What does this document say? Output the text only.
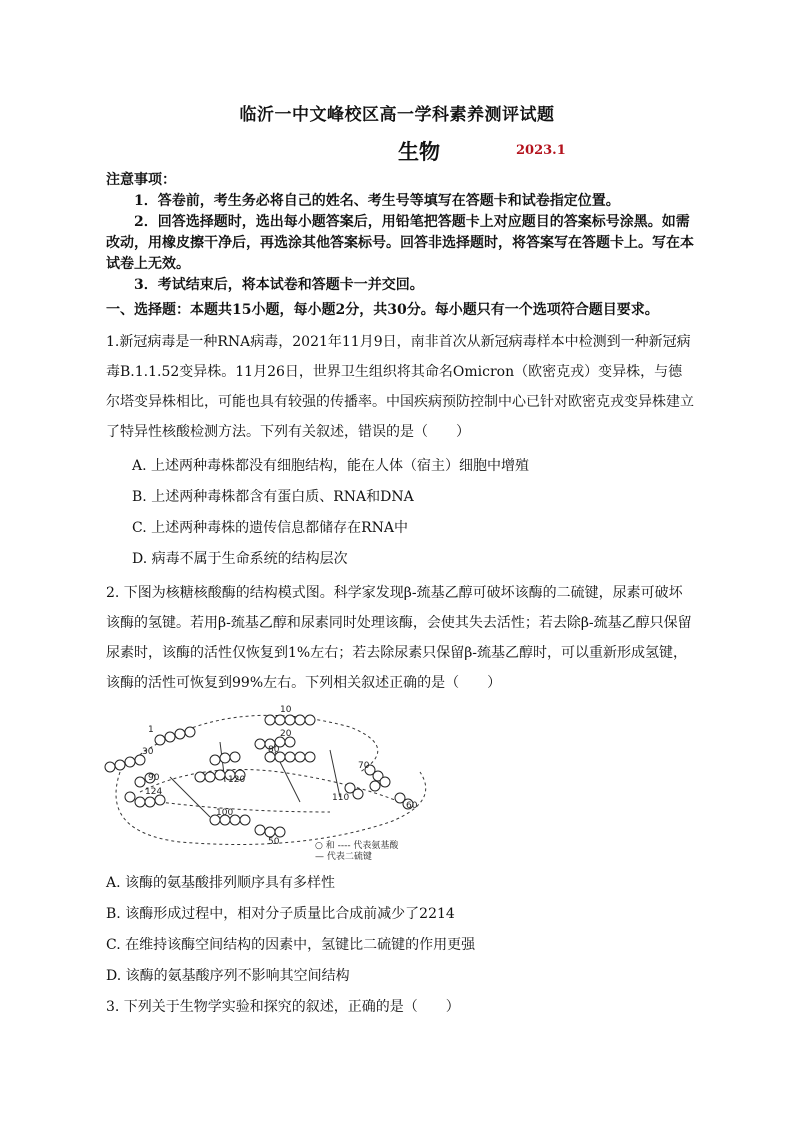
临沂一中文峰校区高一学科素养测评试题
生物	2023.1
注意事项：
1．答卷前，考生务必将自己的姓名、考生号等填写在答题卡和试卷指定位置。
2．回答选择题时，选出每小题答案后，用铅笔把答题卡上对应题目的答案标号涂黑。如需改动，用橡皮擦干净后，再选涂其他答案标号。回答非选择题时，将答案写在答题卡上。写在本试卷上无效。
3．考试结束后，将本试卷和答题卡一并交回。
一、选择题：本题共15小题，每小题2分，共30分。每小题只有一个选项符合题目要求。
1.新冠病毒是一种RNA病毒，2021年11月9日，南非首次从新冠病毒样本中检测到一种新冠病毒B.1.1.52变异株。11月26日，世界卫生组织将其命名Omicron（欧密克戎）变异株，与德尔塔变异株相比，可能也具有较强的传播率。中国疾病预防控制中心已针对欧密克戎变异株建立了特异性核酸检测方法。下列有关叙述，错误的是（　　）
A. 上述两种毒株都没有细胞结构，能在人体（宿主）细胞中增殖
B. 上述两种毒株都含有蛋白质、RNA和DNA
C. 上述两种毒株的遗传信息都储存在RNA中
D. 病毒不属于生命系统的结构层次
2. 下图为核糖核酸酶的结构模式图。科学家发现β-巯基乙醇可破坏该酶的二硫键，尿素可破坏该酶的氢键。若用β-巯基乙醇和尿素同时处理该酶，会使其失去活性；若去除β-巯基乙醇只保留尿素时，该酶的活性仅恢复到1%左右；若去除尿素只保留β-巯基乙醇时，可以重新形成氢键，该酶的活性可恢复到99%左右。下列相关叙述正确的是（　　）
10
20
1
30	80
70
90	120
124
110
60
100
50	○ 和 ---- 代表氨基酸
— 代表二硫键
A. 该酶的氨基酸排列顺序具有多样性
B. 该酶形成过程中，相对分子质量比合成前减少了2214
C. 在维持该酶空间结构的因素中，氢键比二硫键的作用更强
D. 该酶的氨基酸序列不影响其空间结构
3. 下列关于生物学实验和探究的叙述，正确的是（　　）
